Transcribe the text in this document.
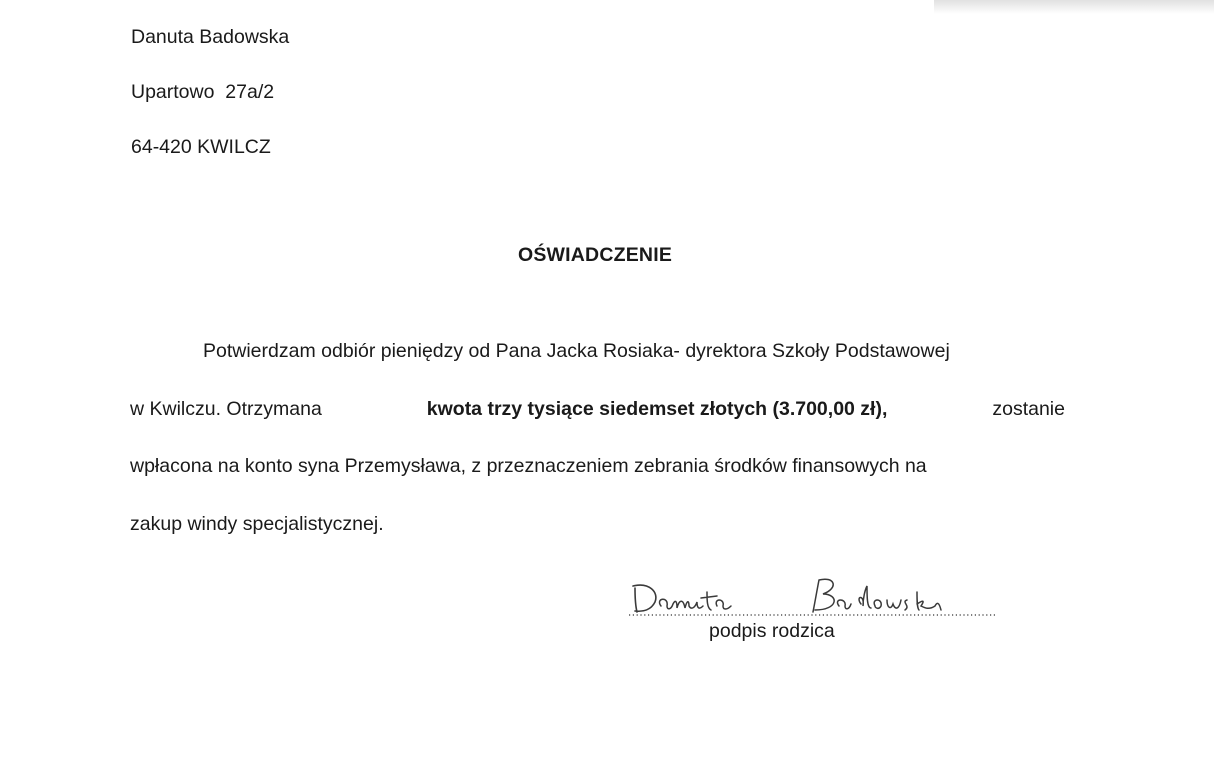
Danuta Badowska
Upartowo  27a/2
64-420 KWILCZ
OŚWIADCZENIE
Potwierdzam odbiór pieniędzy od Pana Jacka Rosiaka- dyrektora Szkoły Podstawowej
w Kwilczu. Otrzymana	kwota trzy tysiące siedemset złotych (3.700,00 zł),	zostanie
wpłacona na konto syna Przemysława, z przeznaczeniem zebrania środków finansowych na
zakup windy specjalistycznej.
podpis rodzica
